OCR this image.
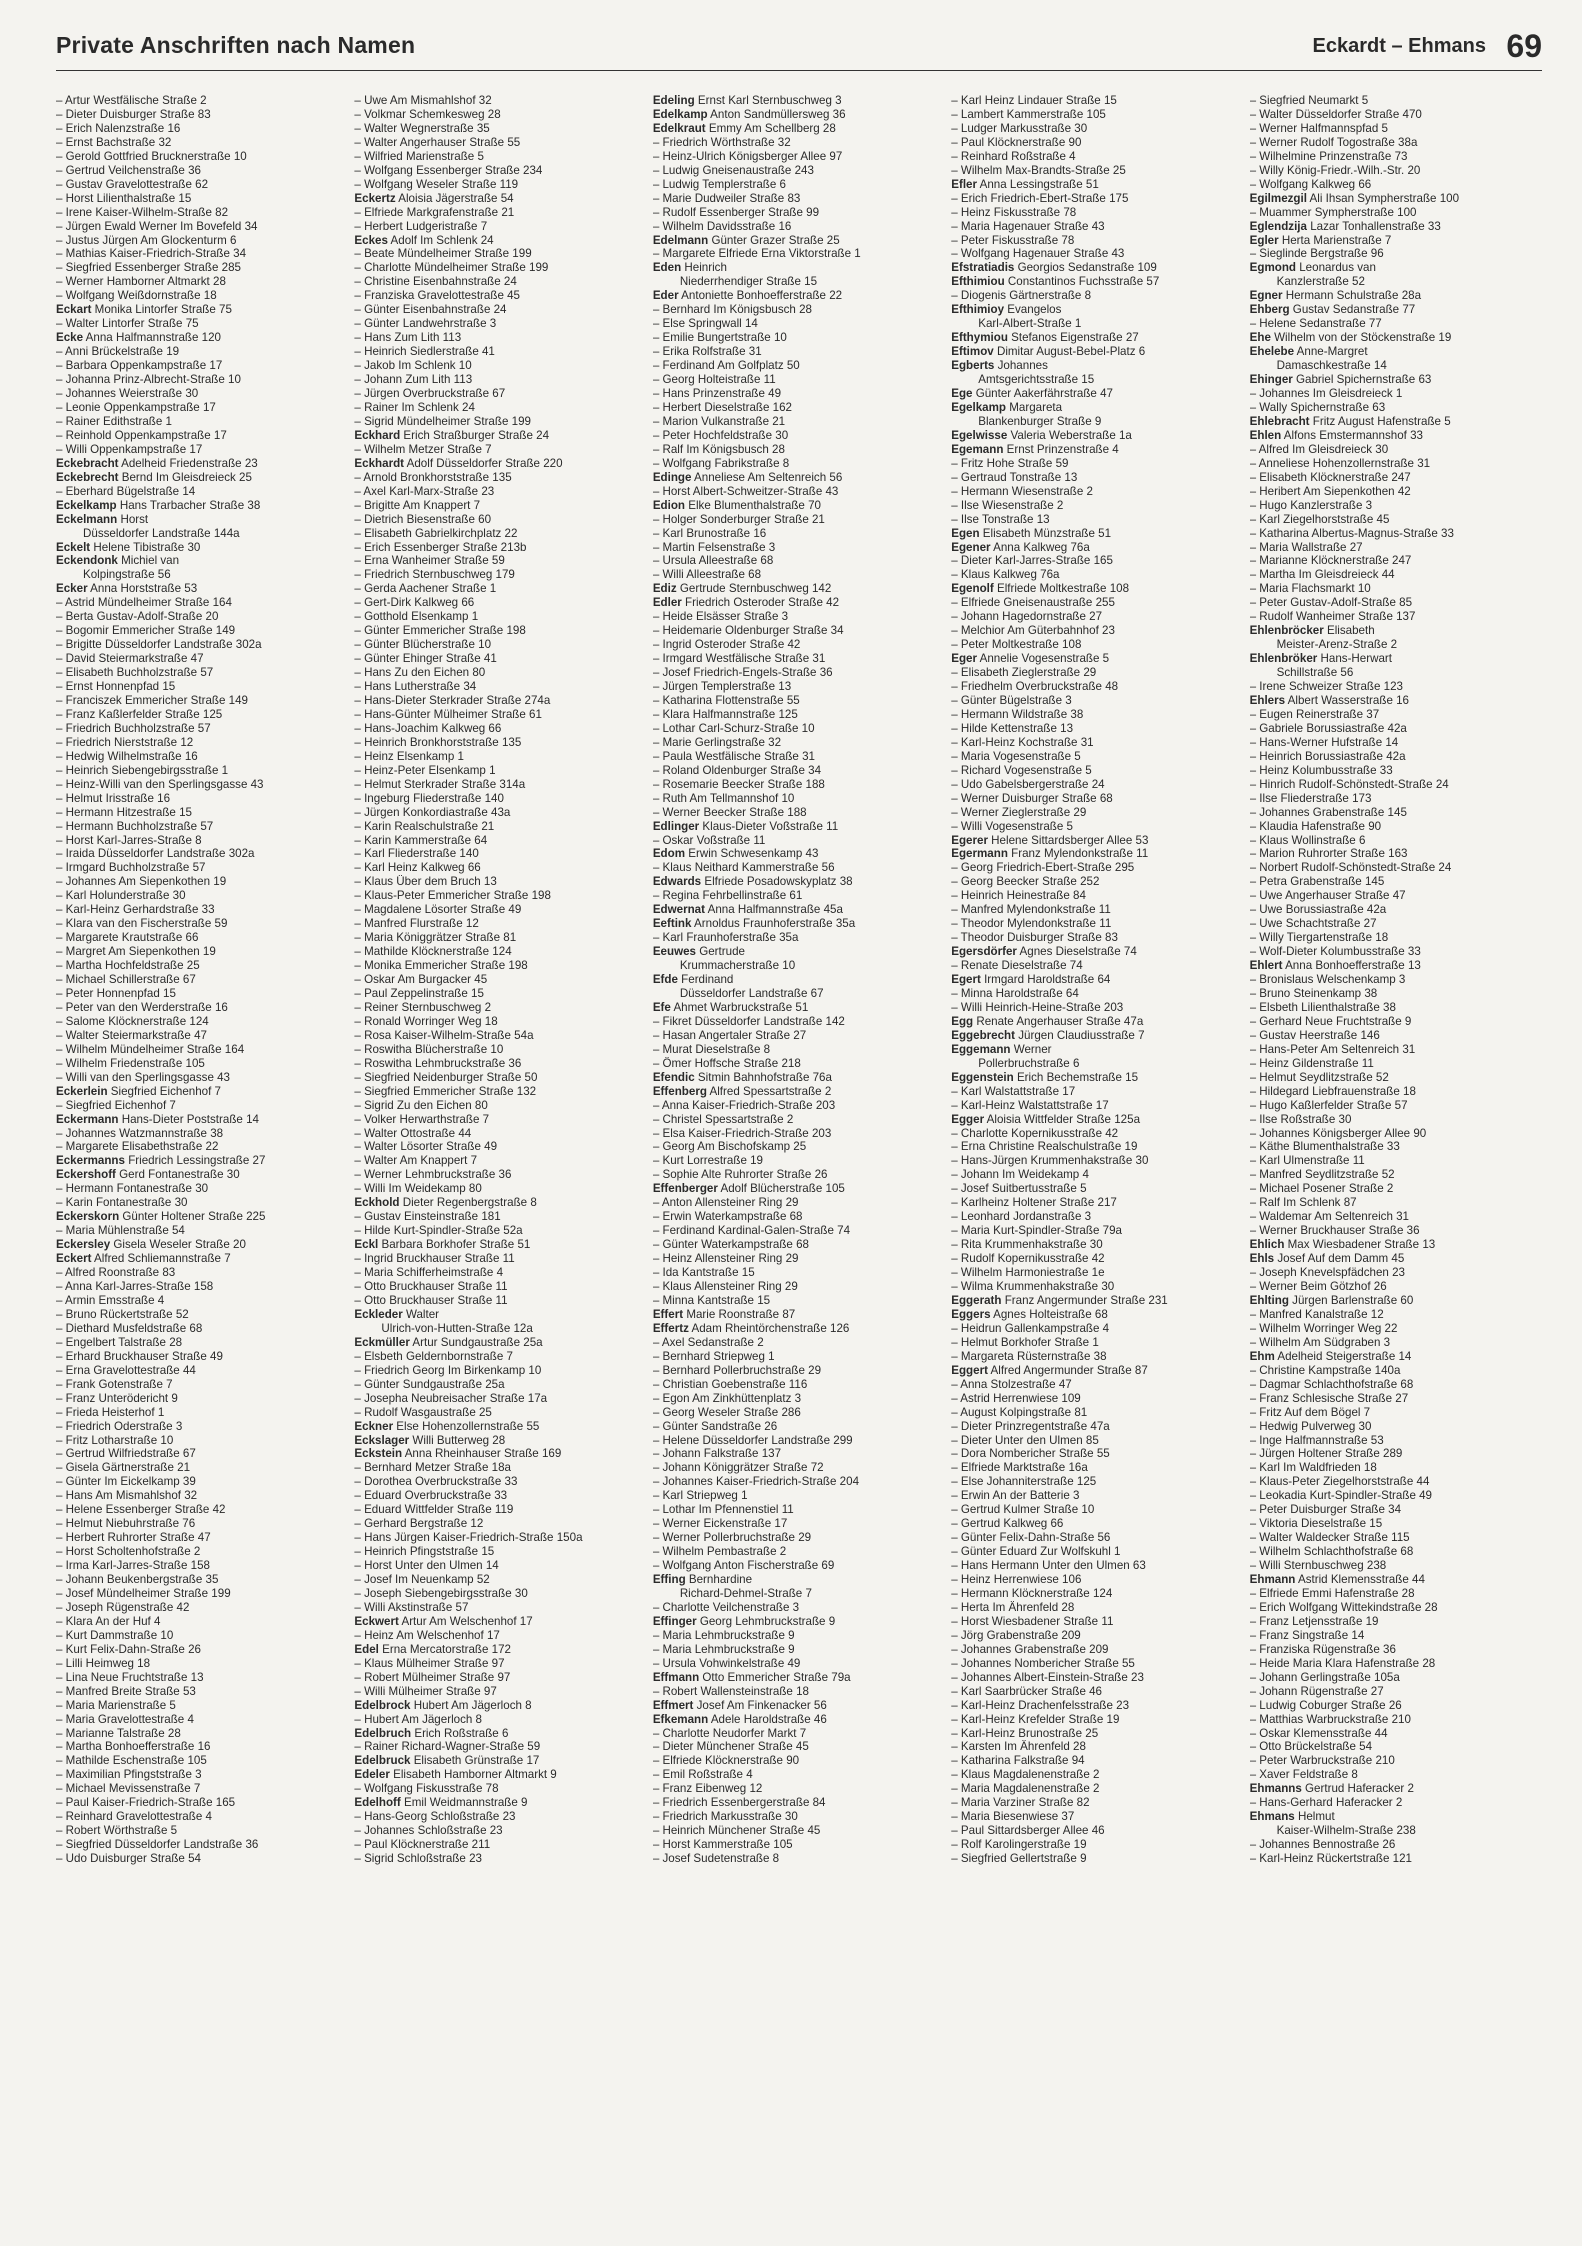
Private Anschriften nach Namen	Eckardt – Ehmans 69
– Artur Westfälische Straße 2
– Dieter Duisburger Straße 83
– Erich Nalenzstraße 16
– Ernst Bachstraße 32
– Gerold Gottfried Brucknerstraße 10
– Gertrud Veilchenstraße 36
– Gustav Gravelottestraße 62
– Horst Lilienthalstraße 15
– Irene Kaiser-Wilhelm-Straße 82
– Jürgen Ewald Werner Im Bovefeld 34
– Justus Jürgen Am Glockenturm 6
– Mathias Kaiser-Friedrich-Straße 34
– Siegfried Essenberger Straße 285
– Werner Hamborner Altmarkt 28
– Wolfgang Weißdornstraße 18
Eckart Monika Lintorfer Straße 75
– Walter Lintorfer Straße 75
Ecke Anna Halfmannstraße 120
– Anni Brückelstraße 19
– Barbara Oppenkampstraße 17
– Johanna Prinz-Albrecht-Straße 10
– Johannes Weierstraße 30
– Leonie Oppenkampstraße 17
– Rainer Edithstraße 1
– Reinhold Oppenkampstraße 17
– Willi Oppenkampstraße 17
Eckebracht Adelheid Friedenstraße 23
Eckebrecht Bernd Im Gleisdreieck 25
– Eberhard Bügelstraße 14
Eckelkamp Hans Trarbacher Straße 38
Eckelmann Horst
Düsseldorfer Landstraße 144a
Eckelt Helene Tibistraße 30
Eckendonk Michiel van
Kolpingstraße 56
Ecker Anna Horststraße 53
– Astrid Mündelheimer Straße 164
– Berta Gustav-Adolf-Straße 20
– Bogomir Emmericher Straße 149
– Brigitte Düsseldorfer Landstraße 302a
– David Steiermarkstraße 47
– Elisabeth Buchholzstraße 57
– Ernst Honnenpfad 15
– Franciszek Emmericher Straße 149
– Franz Kaßlerfelder Straße 125
– Friedrich Buchholzstraße 57
– Friedrich Nierststraße 12
– Hedwig Wilhelmstraße 16
– Heinrich Siebengebirgsstraße 1
– Heinz-Willi van den Sperlingsgasse 43
– Helmut Irisstraße 16
– Hermann Hitzestraße 15
– Hermann Buchholzstraße 57
– Horst Karl-Jarres-Straße 8
– Iraida Düsseldorfer Landstraße 302a
– Irmgard Buchholzstraße 57
– Johannes Am Siepenkothen 19
– Karl Holunderstraße 30
– Karl-Heinz Gerhardstraße 33
– Klara van den Fischerstraße 59
– Margarete Krautstraße 66
– Margret Am Siepenkothen 19
– Martha Hochfeldstraße 25
– Michael Schillerstraße 67
– Peter Honnenpfad 15
– Peter van den Werderstraße 16
– Salome Klöcknerstraße 124
– Walter Steiermarkstraße 47
– Wilhelm Mündelheimer Straße 164
– Wilhelm Friedenstraße 105
– Willi van den Sperlingsgasse 43
Eckerlein Siegfried Eichenhof 7
– Siegfried Eichenhof 7
Eckermann Hans-Dieter Poststraße 14
– Johannes Watzmannstraße 38
– Margarete Elisabethstraße 22
Eckermanns Friedrich Lessingstraße 27
Eckershoff Gerd Fontanestraße 30
– Hermann Fontanestraße 30
– Karin Fontanestraße 30
Eckerskorn Günter Holtener Straße 225
– Maria Mühlenstraße 54
Eckersley Gisela Weseler Straße 20
Eckert Alfred Schliemannstraße 7
– Alfred Roonstraße 83
– Anna Karl-Jarres-Straße 158
– Armin Emsstraße 4
– Bruno Rückertstraße 52
– Diethard Musfeldstraße 68
– Engelbert Talstraße 28
– Erhard Bruckhauser Straße 49
– Erna Gravelottestraße 44
– Frank Gotenstraße 7
– Franz Unterödericht 9
– Frieda Heisterhof 1
– Friedrich Oderstraße 3
– Fritz Lotharstraße 10
– Gertrud Wilfriedstraße 67
– Gisela Gärtnerstraße 21
– Günter Im Eickelkamp 39
– Hans Am Mismahlshof 32
– Helene Essenberger Straße 42
– Helmut Niebuhrstraße 76
– Herbert Ruhrorter Straße 47
– Horst Scholtenhofstraße 2
– Irma Karl-Jarres-Straße 158
– Johann Beukenbergstraße 35
– Josef Mündelheimer Straße 199
– Joseph Rügenstraße 42
– Klara An der Huf 4
– Kurt Dammstraße 10
– Kurt Felix-Dahn-Straße 26
– Lilli Heimweg 18
– Lina Neue Fruchtstraße 13
– Manfred Breite Straße 53
– Maria Marienstraße 5
– Maria Gravelottestraße 4
– Marianne Talstraße 28
– Martha Bonhoefferstraße 16
– Mathilde Eschenstraße 105
– Maximilian Pfingststraße 3
– Michael Mevissenstraße 7
– Paul Kaiser-Friedrich-Straße 165
– Reinhard Gravelottestraße 4
– Robert Wörthstraße 5
– Siegfried Düsseldorfer Landstraße 36
– Udo Duisburger Straße 54
– Uwe Am Mismahlshof 32
– Volkmar Schemkesweg 28
– Walter Wegnerstraße 35
– Walter Angerhauser Straße 55
– Wilfried Marienstraße 5
– Wolfgang Essenberger Straße 234
– Wolfgang Weseler Straße 119
Eckertz Aloisia Jägerstraße 54
– Elfriede Markgrafenstraße 21
– Herbert Ludgeristraße 7
Eckes Adolf Im Schlenk 24
– Beate Mündelheimer Straße 199
– Charlotte Mündelheimer Straße 199
– Christine Eisenbahnstraße 24
– Franziska Gravelottestraße 45
– Günter Eisenbahnstraße 24
– Günter Landwehrstraße 3
– Hans Zum Lith 113
– Heinrich Siedlerstraße 41
– Jakob Im Schlenk 10
– Johann Zum Lith 113
– Jürgen Overbruckstraße 67
– Rainer Im Schlenk 24
– Sigrid Mündelheimer Straße 199
Eckhard Erich Straßburger Straße 24
– Wilhelm Metzer Straße 7
Eckhardt Adolf Düsseldorfer Straße 220
– Arnold Bronkhorststraße 135
– Axel Karl-Marx-Straße 23
– Brigitte Am Knappert 7
– Dietrich Biesenstraße 60
– Elisabeth Gabrielkirchplatz 22
– Erich Essenberger Straße 213b
– Erna Wanheimer Straße 59
– Friedrich Sternbuschweg 179
– Gerda Aachener Straße 1
– Gert-Dirk Kalkweg 66
– Gotthold Elsenkamp 1
– Günter Emmericher Straße 198
– Günter Blücherstraße 10
– Günter Ehinger Straße 41
– Hans Zu den Eichen 80
– Hans Lutherstraße 34
– Hans-Dieter Sterkrader Straße 274a
– Hans-Günter Mülheimer Straße 61
– Hans-Joachim Kalkweg 66
– Heinrich Bronkhorststraße 135
– Heinz Elsenkamp 1
– Heinz-Peter Elsenkamp 1
– Helmut Sterkrader Straße 314a
– Ingeburg Fliederstraße 140
– Jürgen Konkordiastraße 43a
– Karin Realschulstraße 21
– Karin Kammerstraße 64
– Karl Fliederstraße 140
– Karl Heinz Kalkweg 66
– Klaus Über dem Bruch 13
– Klaus-Peter Emmericher Straße 198
– Magdalene Lösorter Straße 49
– Manfred Flurstraße 12
– Maria Königgrätzer Straße 81
– Mathilde Klöcknerstraße 124
– Monika Emmericher Straße 198
– Oskar Am Burgacker 45
– Paul Zeppelinstraße 15
– Reiner Sternbuschweg 2
– Ronald Worringer Weg 18
– Rosa Kaiser-Wilhelm-Straße 54a
– Roswitha Blücherstraße 10
– Roswitha Lehmbruckstraße 36
– Siegfried Neidenburger Straße 50
– Siegfried Emmericher Straße 132
– Sigrid Zu den Eichen 80
– Volker Herwarthstraße 7
– Walter Ottostraße 44
– Walter Lösorter Straße 49
– Walter Am Knappert 7
– Werner Lehmbruckstraße 36
– Willi Im Weidekamp 80
Eckhold Dieter Regenbergstraße 8
– Gustav Einsteinstraße 181
– Hilde Kurt-Spindler-Straße 52a
Eckl Barbara Borkhofer Straße 51
– Ingrid Bruckhauser Straße 11
– Maria Schifferheimstraße 4
– Otto Bruckhauser Straße 11
– Otto Bruckhauser Straße 11
Eckleder Walter
Ulrich-von-Hutten-Straße 12a
Eckmüller Artur Sundgaustraße 25a
– Elsbeth Geldernbornstraße 7
– Friedrich Georg Im Birkenkamp 10
– Günter Sundgaustraße 25a
– Josepha Neubreisacher Straße 17a
– Rudolf Wasgaustraße 25
Eckner Else Hohenzollernstraße 55
Eckslager Willi Butterweg 28
Eckstein Anna Rheinhauser Straße 169
– Bernhard Metzer Straße 18a
– Dorothea Overbruckstraße 33
– Eduard Overbruckstraße 33
– Eduard Wittfelder Straße 119
– Gerhard Bergstraße 12
– Hans Jürgen Kaiser-Friedrich-Straße 150a
– Heinrich Pfingststraße 15
– Horst Unter den Ulmen 14
– Josef Im Neuenkamp 52
– Joseph Siebengebirgsstraße 30
– Willi Akstinstraße 57
Eckwert Artur Am Welschenhof 17
– Heinz Am Welschenhof 17
Edel Erna Mercatorstraße 172
– Klaus Mülheimer Straße 97
– Robert Mülheimer Straße 97
– Willi Mülheimer Straße 97
Edelbrock Hubert Am Jägerloch 8
– Hubert Am Jägerloch 8
Edelbruch Erich Roßstraße 6
– Rainer Richard-Wagner-Straße 59
Edelbruck Elisabeth Grünstraße 17
Edeler Elisabeth Hamborner Altmarkt 9
– Wolfgang Fiskusstraße 78
Edelhoff Emil Weidmannstraße 9
– Hans-Georg Schloßstraße 23
– Johannes Schloßstraße 23
– Paul Klöcknerstraße 211
– Sigrid Schloßstraße 23
Edeling Ernst Karl Sternbuschweg 3
Edelkamp Anton Sandmüllersweg 36
Edelkraut Emmy Am Schellberg 28
– Friedrich Wörthstraße 32
– Heinz-Ulrich Königsberger Allee 97
– Ludwig Gneisenaustraße 243
– Ludwig Templerstraße 6
– Marie Dudweiler Straße 83
– Rudolf Essenberger Straße 99
– Wilhelm Davidsstraße 16
Edelmann Günter Grazer Straße 25
– Margarete Elfriede Erna Viktorstraße 1
Eden Heinrich
Niederrhendiger Straße 15
Eder Antoniette Bonhoefferstraße 22
– Bernhard Im Königsbusch 28
– Else Springwall 14
– Emilie Bungertstraße 10
– Erika Rolfstraße 31
– Ferdinand Am Golfplatz 50
– Georg Holteistraße 11
– Hans Prinzenstraße 49
– Herbert Dieselstraße 162
– Marion Vulkanstraße 21
– Peter Hochfeldstraße 30
– Ralf Im Königsbusch 28
– Wolfgang Fabrikstraße 8
Edinge Anneliese Am Seltenreich 56
– Horst Albert-Schweitzer-Straße 43
Edion Elke Blumenthalstraße 70
– Holger Sonderburger Straße 21
– Karl Brunostraße 16
– Martin Felsenstraße 3
– Ursula Alleestraße 68
– Willi Alleestraße 68
Ediz Gertrude Sternbuschweg 142
Edler Friedrich Osteroder Straße 42
– Heide Elsässer Straße 3
– Heidemarie Oldenburger Straße 34
– Ingrid Osteroder Straße 42
– Irmgard Westfälische Straße 31
– Josef Friedrich-Engels-Straße 36
– Jürgen Templerstraße 13
– Katharina Flottenstraße 55
– Klara Halfmannstraße 125
– Lothar Carl-Schurz-Straße 10
– Marie Gerlingstraße 32
– Paula Westfälische Straße 31
– Roland Oldenburger Straße 34
– Rosemarie Beecker Straße 188
– Ruth Am Tellmannshof 10
– Werner Beecker Straße 188
Edlinger Klaus-Dieter Voßstraße 11
– Oskar Voßstraße 11
Edom Erwin Schwesenkamp 43
– Klaus Neithard Kammerstraße 56
Edwards Elfriede Posadowskyplatz 38
– Regina Fehrbellinstraße 61
Edwernat Anna Halfmannstraße 45a
Eeftink Arnoldus Fraunhoferstraße 35a
– Karl Fraunhoferstraße 35a
Eeuwes Gertrude
Krummacherstraße 10
Efde Ferdinand
Düsseldorfer Landstraße 67
Efe Ahmet Warbruckstraße 51
– Fikret Düsseldorfer Landstraße 142
– Hasan Angertaler Straße 27
– Murat Dieselstraße 8
– Ömer Hoffsche Straße 218
Efendic Sitmin Bahnhofstraße 76a
Effenberg Alfred Spessartstraße 2
– Anna Kaiser-Friedrich-Straße 203
– Christel Spessartstraße 2
– Elsa Kaiser-Friedrich-Straße 203
– Georg Am Bischofskamp 25
– Kurt Lorrestraße 19
– Sophie Alte Ruhrorter Straße 26
Effenberger Adolf Blücherstraße 105
– Anton Allensteiner Ring 29
– Erwin Waterkampstraße 68
– Ferdinand Kardinal-Galen-Straße 74
– Günter Waterkampstraße 68
– Heinz Allensteiner Ring 29
– Ida Kantstraße 15
– Klaus Allensteiner Ring 29
– Minna Kantstraße 15
Effert Marie Roonstraße 87
Effertz Adam Rheintörchenstraße 126
– Axel Sedanstraße 2
– Bernhard Striepweg 1
– Bernhard Pollerbruchstraße 29
– Christian Goebenstraße 116
– Egon Am Zinkhüttenplatz 3
– Georg Weseler Straße 286
– Günter Sandstraße 26
– Helene Düsseldorfer Landstraße 299
– Johann Falkstraße 137
– Johann Königgrätzer Straße 72
– Johannes Kaiser-Friedrich-Straße 204
– Karl Striepweg 1
– Lothar Im Pfennenstiel 11
– Werner Eickenstraße 17
– Werner Pollerbruchstraße 29
– Wilhelm Pembastraße 2
– Wolfgang Anton Fischerstraße 69
Effing Bernhardine
Richard-Dehmel-Straße 7
– Charlotte Veilchenstraße 3
Effinger Georg Lehmbruckstraße 9
– Maria Lehmbruckstraße 9
– Maria Lehmbruckstraße 9
– Ursula Vohwinkelstraße 49
Effmann Otto Emmericher Straße 79a
– Robert Wallensteinstraße 18
Effmert Josef Am Finkenacker 56
Efkemann Adele Haroldstraße 46
– Charlotte Neudorfer Markt 7
– Dieter Münchener Straße 45
– Elfriede Klöcknerstraße 90
– Emil Roßstraße 4
– Franz Eibenweg 12
– Friedrich Essenbergerstraße 84
– Friedrich Markusstraße 30
– Heinrich Münchener Straße 45
– Horst Kammerstraße 105
– Josef Sudetenstraße 8
– Karl Heinz Lindauer Straße 15
– Lambert Kammerstraße 105
– Ludger Markusstraße 30
– Paul Klöcknerstraße 90
– Reinhard Roßstraße 4
– Wilhelm Max-Brandts-Straße 25
Efler Anna Lessingstraße 51
– Erich Friedrich-Ebert-Straße 175
– Heinz Fiskusstraße 78
– Maria Hagenauer Straße 43
– Peter Fiskusstraße 78
– Wolfgang Hagenauer Straße 43
Efstratiadis Georgios Sedanstraße 109
Efthimiou Constantinos Fuchsstraße 57
– Diogenis Gärtnerstraße 8
Efthimioy Evangelos
Karl-Albert-Straße 1
Efthymiou Stefanos Eigenstraße 27
Eftimov Dimitar August-Bebel-Platz 6
Egberts Johannes
Amtsgerichtsstraße 15
Ege Günter Aakerfährstraße 47
Egelkamp Margareta
Blankenburger Straße 9
Egelwisse Valeria Weberstraße 1a
Egemann Ernst Prinzenstraße 4
– Fritz Hohe Straße 59
– Gertraud Tonstraße 13
– Hermann Wiesenstraße 2
– Ilse Wiesenstraße 2
– Ilse Tonstraße 13
Egen Elisabeth Münzstraße 51
Egener Anna Kalkweg 76a
– Dieter Karl-Jarres-Straße 165
– Klaus Kalkweg 76a
Egenolf Elfriede Moltkestraße 108
– Elfriede Gneisenaustraße 255
– Johann Hagedornstraße 27
– Melchior Am Güterbahnhof 23
– Peter Moltkestraße 108
Eger Annelie Vogesenstraße 5
– Elisabeth Zieglerstraße 29
– Friedhelm Overbruckstraße 48
– Günter Bügelstraße 3
– Hermann Wildstraße 38
– Hilde Kettenstraße 13
– Karl-Heinz Kochstraße 31
– Maria Vogesenstraße 5
– Richard Vogesenstraße 5
– Udo Gabelsbergerstraße 24
– Werner Duisburger Straße 68
– Werner Zieglerstraße 29
– Willi Vogesenstraße 5
Egerer Helene Sittardsberger Allee 53
Egermann Franz Mylendonkstraße 11
– Georg Friedrich-Ebert-Straße 295
– Georg Beecker Straße 252
– Heinrich Heinestraße 84
– Manfred Mylendonkstraße 11
– Theodor Mylendonkstraße 11
– Theodor Duisburger Straße 83
Egersdörfer Agnes Dieselstraße 74
– Renate Dieselstraße 74
Egert Irmgard Haroldstraße 64
– Minna Haroldstraße 64
– Willi Heinrich-Heine-Straße 203
Egg Renate Angerhauser Straße 47a
Eggebrecht Jürgen Claudiusstraße 7
Eggemann Werner
Pollerbruchstraße 6
Eggenstein Erich Bechemstraße 15
– Karl Walstattstraße 17
– Karl-Heinz Walstattstraße 17
Egger Aloisia Wittfelder Straße 125a
– Charlotte Kopernikusstraße 42
– Erna Christine Realschulstraße 19
– Hans-Jürgen Krummenhakstraße 30
– Johann Im Weidekamp 4
– Josef Suitbertusstraße 5
– Karlheinz Holtener Straße 217
– Leonhard Jordanstraße 3
– Maria Kurt-Spindler-Straße 79a
– Rita Krummenhakstraße 30
– Rudolf Kopernikusstraße 42
– Wilhelm Harmoniestraße 1e
– Wilma Krummenhakstraße 30
Eggerath Franz Angermunder Straße 231
Eggers Agnes Holteistraße 68
– Heidrun Gallenkampstraße 4
– Helmut Borkhofer Straße 1
– Margareta Rüsternstraße 38
Eggert Alfred Angermunder Straße 87
– Anna Stolzestraße 47
– Astrid Herrenwiese 109
– August Kolpingstraße 81
– Dieter Prinzregentstraße 47a
– Dieter Unter den Ulmen 85
– Dora Nombericher Straße 55
– Elfriede Marktstraße 16a
– Else Johanniterstraße 125
– Erwin An der Batterie 3
– Gertrud Kulmer Straße 10
– Gertrud Kalkweg 66
– Günter Felix-Dahn-Straße 56
– Günter Eduard Zur Wolfskuhl 1
– Hans Hermann Unter den Ulmen 63
– Heinz Herrenwiese 106
– Hermann Klöcknerstraße 124
– Herta Im Ährenfeld 28
– Horst Wiesbadener Straße 11
– Jörg Grabenstraße 209
– Johannes Grabenstraße 209
– Johannes Nombericher Straße 55
– Johannes Albert-Einstein-Straße 23
– Karl Saarbrücker Straße 46
– Karl-Heinz Drachenfelsstraße 23
– Karl-Heinz Krefelder Straße 19
– Karl-Heinz Brunostraße 25
– Karsten Im Ährenfeld 28
– Katharina Falkstraße 94
– Klaus Magdalenenstraße 2
– Maria Magdalenenstraße 2
– Maria Varziner Straße 82
– Maria Biesenwiese 37
– Paul Sittardsberger Allee 46
– Rolf Karolingerstraße 19
– Siegfried Gellertstraße 9
– Siegfried Neumarkt 5
– Walter Düsseldorfer Straße 470
– Werner Halfmannspfad 5
– Werner Rudolf Togostraße 38a
– Wilhelmine Prinzenstraße 73
– Willy König-Friedr.-Wilh.-Str. 20
– Wolfgang Kalkweg 66
Egilmezgil Ali Ihsan Sympherstraße 100
– Muammer Sympherstraße 100
Eglendzija Lazar Tonhallenstraße 33
Egler Herta Marienstraße 7
– Sieglinde Bergstraße 96
Egmond Leonardus van
Kanzlerstraße 52
Egner Hermann Schulstraße 28a
Ehberg Gustav Sedanstraße 77
– Helene Sedanstraße 77
Ehe Wilhelm von der Stöckenstraße 19
Ehelebe Anne-Margret
Damaschkestraße 14
Ehinger Gabriel Spichernstraße 63
– Johannes Im Gleisdreieck 1
– Wally Spichernstraße 63
Ehlebracht Fritz August Hafenstraße 5
Ehlen Alfons Emstermannshof 33
– Alfred Im Gleisdreieck 30
– Anneliese Hohenzollernstraße 31
– Elisabeth Klöcknerstraße 247
– Heribert Am Siepenkothen 42
– Hugo Kanzlerstraße 3
– Karl Ziegelhorststraße 45
– Katharina Albertus-Magnus-Straße 33
– Maria Wallstraße 27
– Marianne Klöcknerstraße 247
– Martha Im Gleisdreieck 44
– Maria Flachsmarkt 10
– Peter Gustav-Adolf-Straße 85
– Rudolf Wanheimer Straße 137
Ehlenbröcker Elisabeth
Meister-Arenz-Straße 2
Ehlenbröker Hans-Herwart
Schillstraße 56
– Irene Schweizer Straße 123
Ehlers Albert Wasserstraße 16
– Eugen Reinerstraße 37
– Gabriele Borussiastraße 42a
– Hans-Werner Hufstraße 14
– Heinrich Borussiastraße 42a
– Heinz Kolumbusstraße 33
– Hinrich Rudolf-Schönstedt-Straße 24
– Ilse Fliederstraße 173
– Johannes Grabenstraße 145
– Klaudia Hafenstraße 90
– Klaus Wollinstraße 6
– Marion Ruhrorter Straße 163
– Norbert Rudolf-Schönstedt-Straße 24
– Petra Grabenstraße 145
– Uwe Angerhauser Straße 47
– Uwe Borussiastraße 42a
– Uwe Schachtstraße 27
– Willy Tiergartenstraße 18
– Wolf-Dieter Kolumbusstraße 33
Ehlert Anna Bonhoefferstraße 13
– Bronislaus Welschenkamp 3
– Bruno Steinenkamp 38
– Elsbeth Lilienthalstraße 38
– Gerhard Neue Fruchtstraße 9
– Gustav Heerstraße 146
– Hans-Peter Am Seltenreich 31
– Heinz Gildenstraße 11
– Helmut Seydlitzstraße 52
– Hildegard Liebfrauenstraße 18
– Hugo Kaßlerfelder Straße 57
– Ilse Roßstraße 30
– Johannes Königsberger Allee 90
– Käthe Blumenthalstraße 33
– Karl Ulmenstraße 11
– Manfred Seydlitzstraße 52
– Michael Posener Straße 2
– Ralf Im Schlenk 87
– Waldemar Am Seltenreich 31
– Werner Bruckhauser Straße 36
Ehlich Max Wiesbadener Straße 13
Ehls Josef Auf dem Damm 45
– Joseph Knevelspfädchen 23
– Werner Beim Götzhof 26
Ehlting Jürgen Barlenstraße 60
– Manfred Kanalstraße 12
– Wilhelm Worringer Weg 22
– Wilhelm Am Südgraben 3
Ehm Adelheid Steigerstraße 14
– Christine Kampstraße 140a
– Dagmar Schlachthofstraße 68
– Franz Schlesische Straße 27
– Fritz Auf dem Bögel 7
– Hedwig Pulverweg 30
– Inge Halfmannstraße 53
– Jürgen Holtener Straße 289
– Karl Im Waldfrieden 18
– Klaus-Peter Ziegelhorststraße 44
– Leokadia Kurt-Spindler-Straße 49
– Peter Duisburger Straße 34
– Viktoria Dieselstraße 15
– Walter Waldecker Straße 115
– Wilhelm Schlachthofstraße 68
– Willi Sternbuschweg 238
Ehmann Astrid Klemensstraße 44
– Elfriede Emmi Hafenstraße 28
– Erich Wolfgang Wittekindstraße 28
– Franz Letjensstraße 19
– Franz Singstraße 14
– Franziska Rügenstraße 36
– Heide Maria Klara Hafenstraße 28
– Johann Gerlingstraße 105a
– Johann Rügenstraße 27
– Ludwig Coburger Straße 26
– Matthias Warbruckstraße 210
– Oskar Klemensstraße 44
– Otto Brückelstraße 54
– Peter Warbruckstraße 210
– Xaver Feldstraße 8
Ehmanns Gertrud Haferacker 2
– Hans-Gerhard Haferacker 2
Ehmans Helmut
Kaiser-Wilhelm-Straße 238
– Johannes Bennostraße 26
– Karl-Heinz Rückertstraße 121
